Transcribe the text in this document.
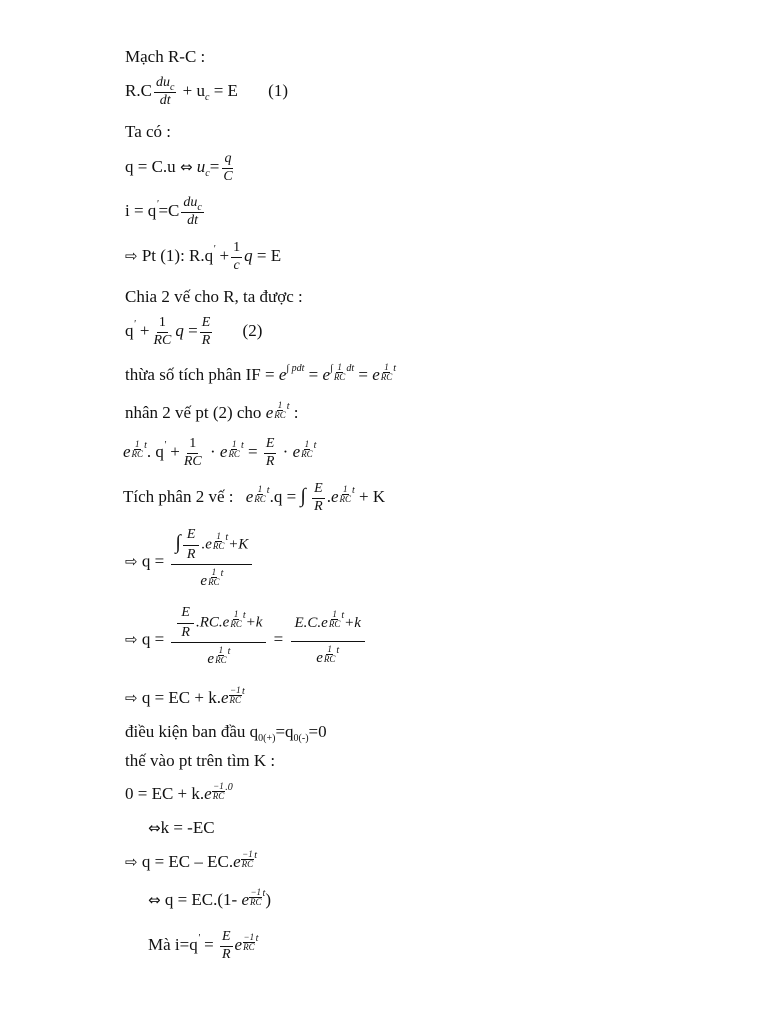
Mạch R-C :
$R.C \frac{du_c}{dt} + u_c = E$ (1)
Ta có :
q = C.u ⇔ $u_c= \frac{q}{C}$
$i = q'=C \frac{du_c}{dt}$
⇨ Pt (1): $R.q' + \frac{1}{c}$ q = E
Chia 2 vế cho R, ta được :
$q' + \frac{1}{RC}$ $q = \frac{E}{R} (2)$
thừa số tích phân IF = $e^{\int pdt} = e^\int \frac{1}{RC} ^{dt} = e \frac{1}{RC} ^t$
nhân 2 vế pt (2) cho e $\frac{1}{RC} ^t$ :
e $\frac{1}{RC} ^t$. $q' + \frac{1}{RC} \cdot e \frac{1}{RC} ^t = \frac{E}{R} \cdot e \frac{1}{RC} ^t$
Tích phân 2 vế : e $\frac{1}{RC} ^t.q$ = ∫ $\frac{E}{R} .e \frac{1}{RC} ^t + K$
⇨ $q = \frac{\int \frac{E}{R} .e \frac{1}{RC} ^t+K}{e \frac{1}{RC} ^t}$
⇨ $q = \frac{\frac{E}{R} .RC.e \frac{1}{RC} ^t+k}{e \frac{1}{RC} ^t} = \frac{E.C.e \frac{1}{RC} ^t+k}{e \frac{1}{RC} ^t}$
⇨ q = EC + $k.e \frac{-1}{RC} ^t$
điều kiện ban đầu $q_{0(+)}=q_{0(-)}=0$
thế vào pt trên tìm K :
0 = EC + $k.e \frac{-1}{RC} ^{.0}$
⇔k = -EC
⇨ q = EC – $EC.e \frac{-1}{RC} ^t$
⇔ q = EC.(1- e $\frac{-1}{RC} ^t$)
Mà $i=q' = \frac{E}{R}$ e $\frac{-1}{RC} ^t$
